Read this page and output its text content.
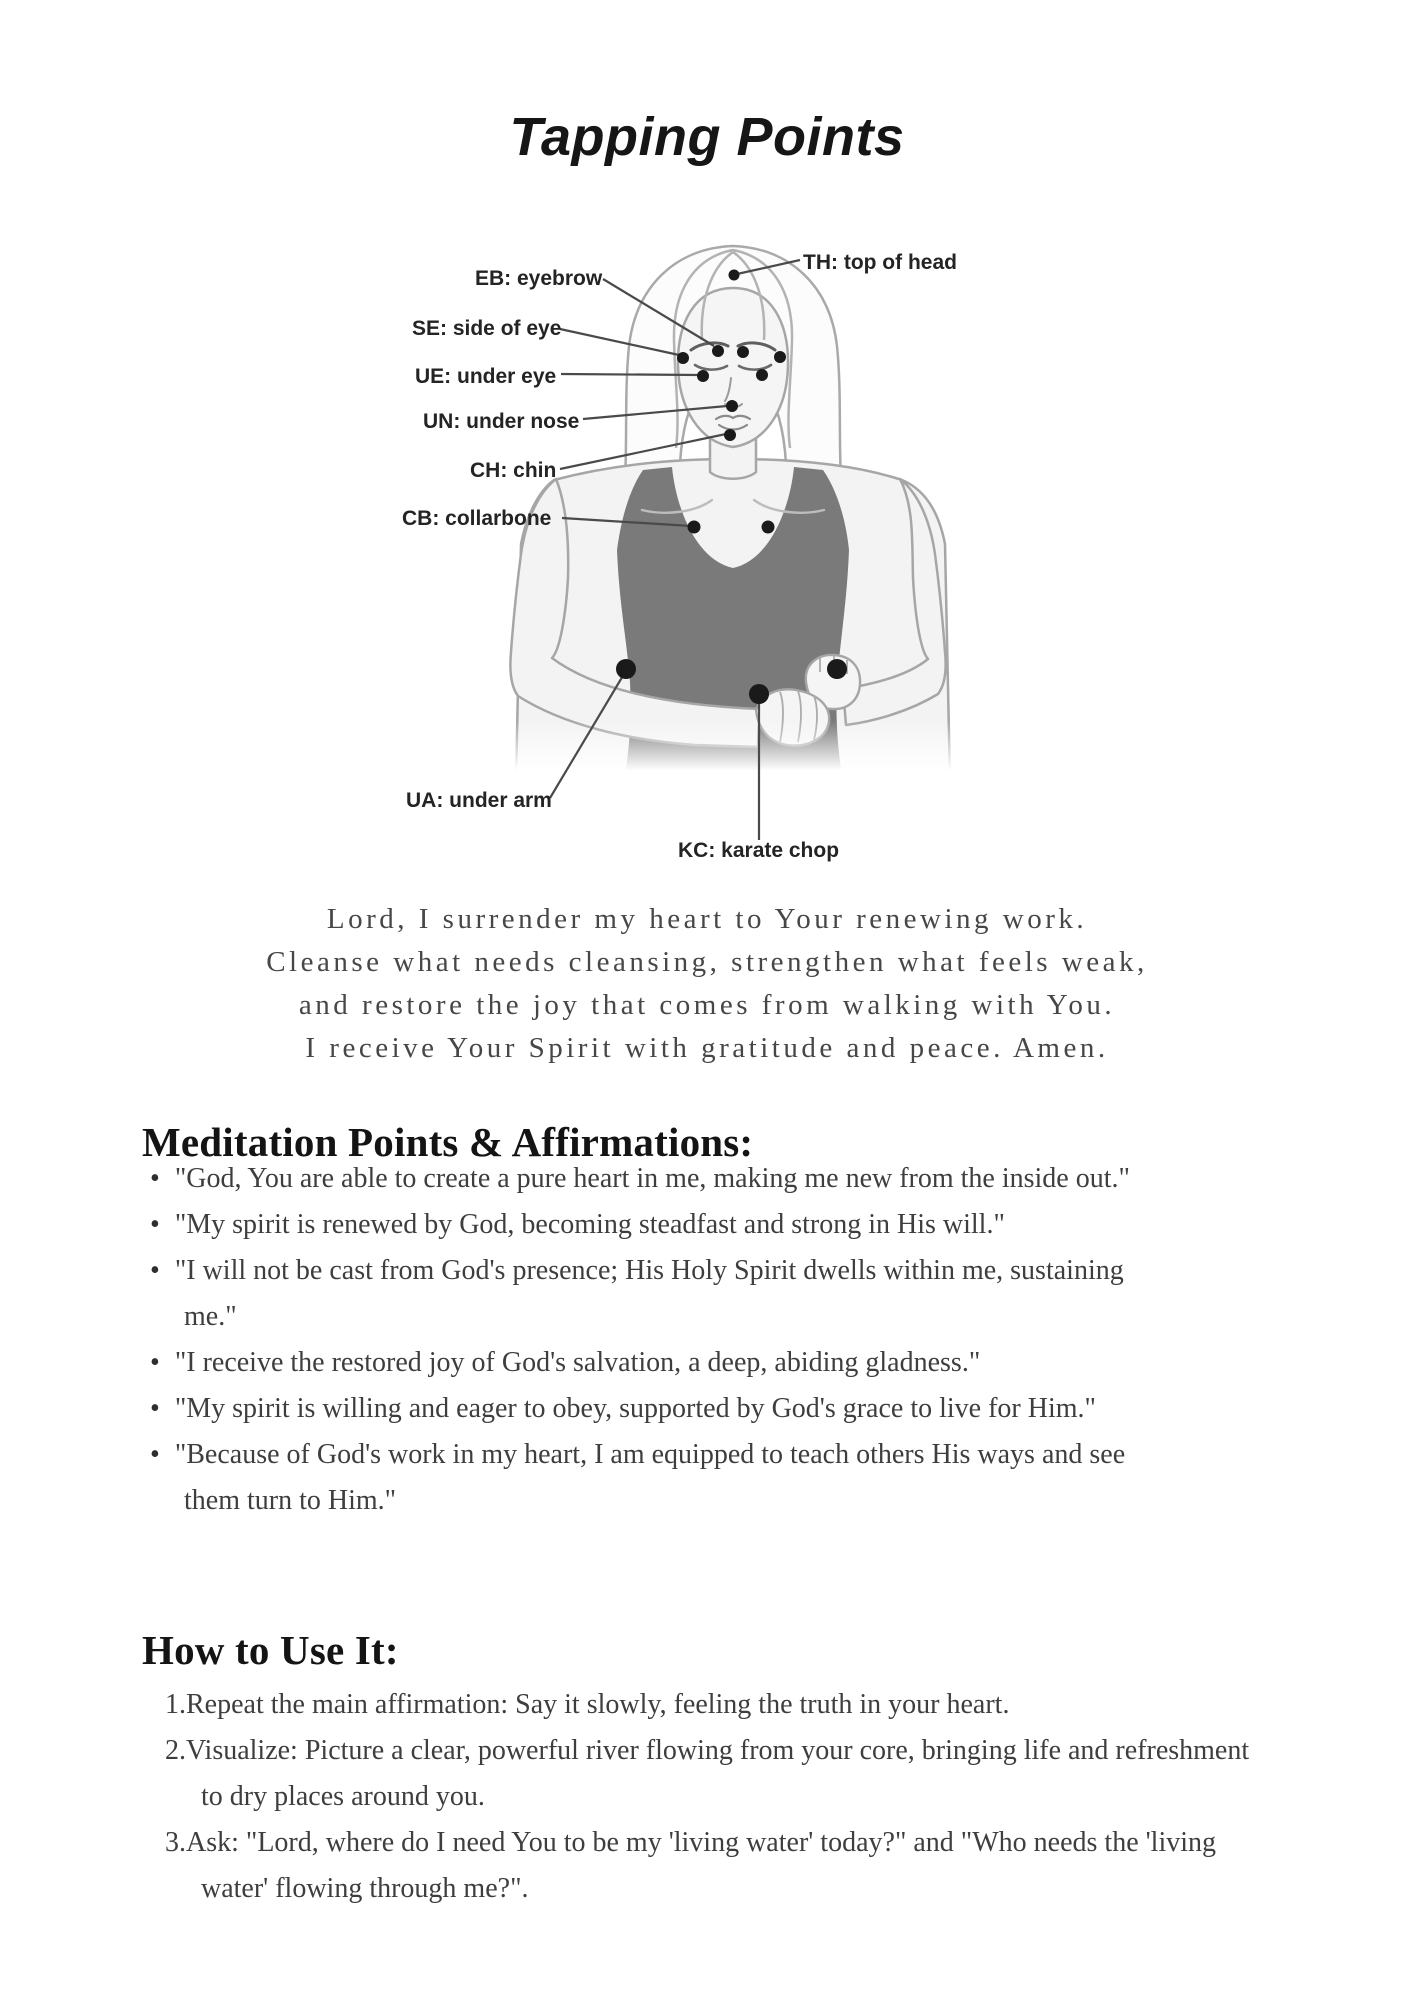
Tapping Points
EB: eyebrow
SE: side of eye
UE: under eye
UN: under nose
CH: chin
CB: collarbone
UA: under arm
KC: karate chop
TH: top of head
Lord, I surrender my heart to Your renewing work.
Cleanse what needs cleansing, strengthen what feels weak,
and restore the joy that comes from walking with You.
I receive Your Spirit with gratitude and peace. Amen.
Meditation Points & Affirmations:
• "God, You are able to create a pure heart in me, making me new from the inside out."
• "My spirit is renewed by God, becoming steadfast and strong in His will."
• "I will not be cast from God's presence; His Holy Spirit dwells within me, sustaining me."
• "I receive the restored joy of God's salvation, a deep, abiding gladness."
• "My spirit is willing and eager to obey, supported by God's grace to live for Him."
• "Because of God's work in my heart, I am equipped to teach others His ways and see them turn to Him."
How to Use It:
Repeat the main affirmation: Say it slowly, feeling the truth in your heart.
Visualize: Picture a clear, powerful river flowing from your core, bringing life and refreshment to dry places around you.
Ask: "Lord, where do I need You to be my 'living water' today?" and "Who needs the 'living water' flowing through me?".
